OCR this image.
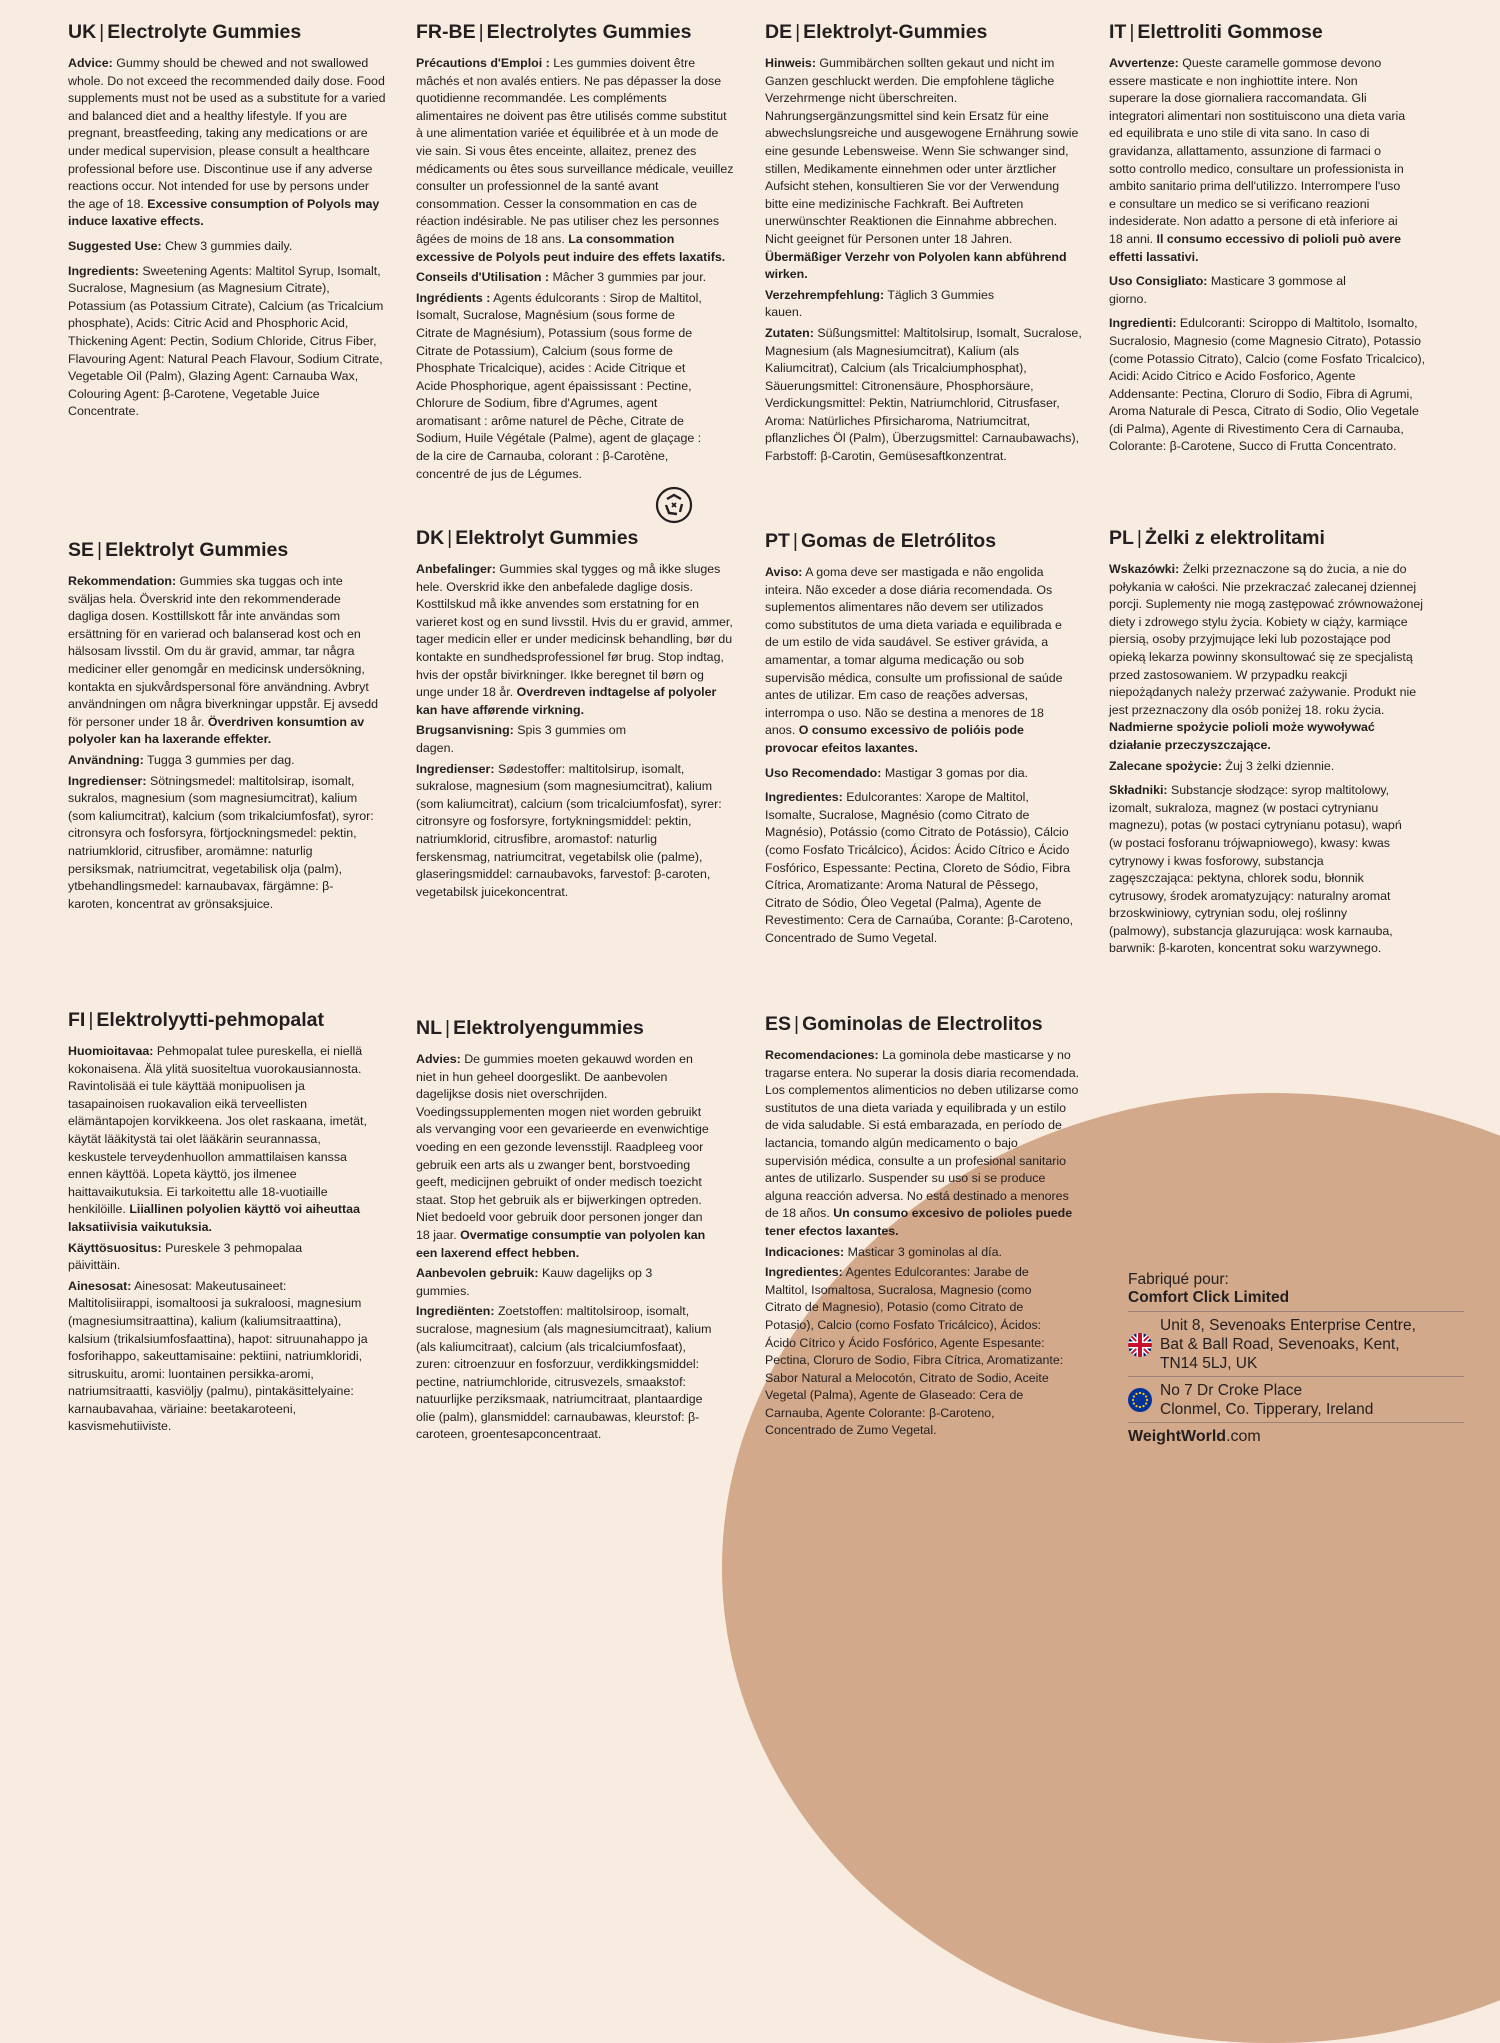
UK | Electrolyte Gummies

Advice: Gummy should be chewed and not swallowed whole. Do not exceed the recommended daily dose. Food supplements must not be used as a substitute for a varied and balanced diet and a healthy lifestyle. If you are pregnant, breastfeeding, taking any medications or are under medical supervision, please consult a healthcare professional before use. Discontinue use if any adverse reactions occur. Not intended for use by persons under the age of 18. Excessive consumption of Polyols may induce laxative effects.

Suggested Use: Chew 3 gummies daily.

Ingredients: Sweetening Agents: Maltitol Syrup, Isomalt, Sucralose, Magnesium (as Magnesium Citrate), Potassium (as Potassium Citrate), Calcium (as Tricalcium phosphate), Acids: Citric Acid and Phosphoric Acid, Thickening Agent: Pectin, Sodium Chloride, Citrus Fiber, Flavouring Agent: Natural Peach Flavour, Sodium Citrate, Vegetable Oil (Palm), Glazing Agent: Carnauba Wax, Colouring Agent: β-Carotene, Vegetable Juice Concentrate.

FR-BE | Electrolytes Gummies

Précautions d'Emploi : Les gummies doivent être mâchés et non avalés entiers. Ne pas dépasser la dose quotidienne recommandée. Les compléments alimentaires ne doivent pas être utilisés comme substitut à une alimentation variée et équilibrée et à un mode de vie sain. Si vous êtes enceinte, allaitez, prenez des médicaments ou êtes sous surveillance médicale, veuillez consulter un professionnel de la santé avant consommation. Cesser la consommation en cas de réaction indésirable. Ne pas utiliser chez les personnes âgées de moins de 18 ans. La consommation excessive de Polyols peut induire des effets laxatifs.

Conseils d'Utilisation : Mâcher 3 gummies par jour.

Ingrédients : Agents édulcorants : Sirop de Maltitol, Isomalt, Sucralose, Magnésium (sous forme de Citrate de Magnésium), Potassium (sous forme de Citrate de Potassium), Calcium (sous forme de Phosphate Tricalcique), acides : Acide Citrique et Acide Phosphorique, agent épaississant : Pectine, Chlorure de Sodium, fibre d'Agrumes, agent aromatisant : arôme naturel de Pêche, Citrate de Sodium, Huile Végétale (Palme), agent de glaçage : de la cire de Carnauba, colorant : β-Carotène, concentré de jus de Légumes.

DE | Elektrolyt-Gummies

Hinweis: Gummibärchen sollten gekaut und nicht im Ganzen geschluckt werden. Die empfohlene tägliche Verzehrmenge nicht überschreiten. Nahrungsergänzungsmittel sind kein Ersatz für eine abwechslungsreiche und ausgewogene Ernährung sowie eine gesunde Lebensweise. Wenn Sie schwanger sind, stillen, Medikamente einnehmen oder unter ärztlicher Aufsicht stehen, konsultieren Sie vor der Verwendung bitte eine medizinische Fachkraft. Bei Auftreten unerwünschter Reaktionen die Einnahme abbrechen. Nicht geeignet für Personen unter 18 Jahren. Übermäßiger Verzehr von Polyolen kann abführend wirken.

Verzehrempfehlung: Täglich 3 Gummies kauen.

Zutaten: Süßungsmittel: Maltitolsirup, Isomalt, Sucralose, Magnesium (als Magnesiumcitrat), Kalium (als Kaliumcitrat), Calcium (als Tricalciumphosphat), Säuerungsmittel: Citronensäure, Phosphorsäure, Verdickungsmittel: Pektin, Natriumchlorid, Citrusfaser, Aroma: Natürliches Pfirsicharoma, Natriumcitrat, pflanzliches Öl (Palm), Überzugsmittel: Carnaubawachs), Farbstoff: β-Carotin, Gemüsesaftkonzentrat.

IT | Elettroliti Gommose

Avvertenze: Queste caramelle gommose devono essere masticate e non inghiottite intere. Non superare la dose giornaliera raccomandata. Gli integratori alimentari non sostituiscono una dieta varia ed equilibrata e uno stile di vita sano. In caso di gravidanza, allattamento, assunzione di farmaci o sotto controllo medico, consultare un professionista in ambito sanitario prima dell'utilizzo. Interrompere l'uso e consultare un medico se si verificano reazioni indesiderate. Non adatto a persone di età inferiore ai 18 anni. Il consumo eccessivo di polioli può avere effetti lassativi.

Uso Consigliato: Masticare 3 gommose al giorno.

Ingredienti: Edulcoranti: Sciroppo di Maltitolo, Isomalto, Sucralosio, Magnesio (come Magnesio Citrato), Potassio (come Potassio Citrato), Calcio (come Fosfato Tricalcico), Acidi: Acido Citrico e Acido Fosforico, Agente Addensante: Pectina, Cloruro di Sodio, Fibra di Agrumi, Aroma Naturale di Pesca, Citrato di Sodio, Olio Vegetale (di Palma), Agente di Rivestimento Cera di Carnauba, Colorante: β-Carotene, Succo di Frutta Concentrato.

SE | Elektrolyt Gummies

Rekommendation: Gummies ska tuggas och inte sväljas hela. Överskrid inte den rekommenderade dagliga dosen. Kosttillskott får inte användas som ersättning för en varierad och balanserad kost och en hälsosam livsstil. Om du är gravid, ammar, tar några mediciner eller genomgår en medicinsk undersökning, kontakta en sjukvårdspersonal före användning. Avbryt användningen om några biverkningar uppstår. Ej avsedd för personer under 18 år. Överdriven konsumtion av polyoler kan ha laxerande effekter.

Användning: Tugga 3 gummies per dag.

Ingredienser: Sötningsmedel: maltitolsirap, isomalt, sukralos, magnesium (som magnesiumcitrat), kalium (som kaliumcitrat), kalcium (som trikalciumfosfat), syror: citronsyra och fosforsyra, förtjockningsmedel: pektin, natriumklorid, citrusfiber, aromämne: naturlig persiksmak, natriumcitrat, vegetabilisk olja (palm), ytbehandlingsmedel: karnaubavax, färgämne: β-karoten, koncentrat av grönsaksjuice.

DK | Elektrolyt Gummies

Anbefalinger: Gummies skal tygges og må ikke sluges hele. Overskrid ikke den anbefalede daglige dosis. Kosttilskud må ikke anvendes som erstatning for en varieret kost og en sund livsstil. Hvis du er gravid, ammer, tager medicin eller er under medicinsk behandling, bør du kontakte en sundhedsprofessionel før brug. Stop indtag, hvis der opstår bivirkninger. Ikke beregnet til børn og unge under 18 år. Overdreven indtagelse af polyoler kan have afførende virkning.

Brugsanvisning: Spis 3 gummies om dagen.

Ingredienser: Sødestoffer: maltitolsirup, isomalt, sukralose, magnesium (som magnesiumcitrat), kalium (som kaliumcitrat), calcium (som tricalciumfosfat), syrer: citronsyre og fosforsyre, fortykningsmiddel: pektin, natriumklorid, citrusfibre, aromastof: naturlig ferskensmag, natriumcitrat, vegetabilsk olie (palme), glaseringsmiddel: carnaubavoks, farvestof: β-caroten, vegetabilsk juicekoncentrat.

PT | Gomas de Eletrólitos

Aviso: A goma deve ser mastigada e não engolida inteira. Não exceder a dose diária recomendada. Os suplementos alimentares não devem ser utilizados como substitutos de uma dieta variada e equilibrada e de um estilo de vida saudável. Se estiver grávida, a amamentar, a tomar alguma medicação ou sob supervisão médica, consulte um profissional de saúde antes de utilizar. Em caso de reações adversas, interrompa o uso. Não se destina a menores de 18 anos. O consumo excessivo de polióis pode provocar efeitos laxantes.

Uso Recomendado: Mastigar 3 gomas por dia.

Ingredientes: Edulcorantes: Xarope de Maltitol, Isomalte, Sucralose, Magnésio (como Citrato de Magnésio), Potássio (como Citrato de Potássio), Cálcio (como Fosfato Tricálcico), Ácidos: Ácido Cítrico e Ácido Fosfórico, Espessante: Pectina, Cloreto de Sódio, Fibra Cítrica, Aromatizante: Aroma Natural de Pêssego, Citrato de Sódio, Óleo Vegetal (Palma), Agente de Revestimento: Cera de Carnaúba, Corante: β-Caroteno, Concentrado de Sumo Vegetal.

PL | Żelki z elektrolitami

Wskazówki: Żelki przeznaczone są do żucia, a nie do połykania w całości. Nie przekraczać zalecanej dziennej porcji. Suplementy nie mogą zastępować zrównoważonej diety i zdrowego stylu życia. Kobiety w ciąży, karmiące piersią, osoby przyjmujące leki lub pozostające pod opieką lekarza powinny skonsultować się ze specjalistą przed zastosowaniem. W przypadku reakcji niepożądanych należy przerwać zażywanie. Produkt nie jest przeznaczony dla osób poniżej 18. roku życia. Nadmierne spożycie polioli może wywoływać działanie przeczyszczające.

Zalecane spożycie: Żuj 3 żelki dziennie.

Składniki: Substancje słodzące: syrop maltitolowy, izomalt, sukraloza, magnez (w postaci cytrynianu magnezu), potas (w postaci cytrynianu potasu), wapń (w postaci fosforanu trójwapniowego), kwasy: kwas cytrynowy i kwas fosforowy, substancja zagęszczająca: pektyna, chlorek sodu, błonnik cytrusowy, środek aromatyzujący: naturalny aromat brzoskwiniowy, cytrynian sodu, olej roślinny (palmowy), substancja glazurująca: wosk karnauba, barwnik: β-karoten, koncentrat soku warzywnego.

FI | Elektrolyytti-pehmopalat

Huomioitavaa: Pehmopalat tulee pureskella, ei niellä kokonaisena. Älä ylitä suositeltua vuorokausiannosta. Ravintolisää ei tule käyttää monipuolisen ja tasapainoisen ruokavalion eikä terveellisten elämäntapojen korvikkeena. Jos olet raskaana, imetät, käytät lääkitystä tai olet lääkärin seurannassa, keskustele terveydenhuollon ammattilaisen kanssa ennen käyttöä. Lopeta käyttö, jos ilmenee haittavaikutuksia. Ei tarkoitettu alle 18-vuotiaille henkilöille. Liiallinen polyolien käyttö voi aiheuttaa laksatiivisia vaikutuksia.

Käyttösuositus: Pureskele 3 pehmopalaa päivittäin.

Ainesosat: Ainesosat: Makeutusaineet: Maltitolisiirappi, isomaltoosi ja sukraloosi, magnesium (magnesiumsitraattina), kalium (kaliumsitraattina), kalsium (trikalsiumfosfaattina), hapot: sitruunahappo ja fosforihappo, sakeuttamisaine: pektiini, natriumkloridi, sitruskuitu, aromi: luontainen persikka-aromi, natriumsitraatti, kasviöljy (palmu), pintakäsittelyaine: karnaubavahaa, väriaine: beetakaroteeni, kasvismehutiiviste.

NL | Elektrolyengummies

Advies: De gummies moeten gekauwd worden en niet in hun geheel doorgeslikt. De aanbevolen dagelijkse dosis niet overschrijden. Voedingssupplementen mogen niet worden gebruikt als vervanging voor een gevarieerde en evenwichtige voeding en een gezonde levensstijl. Raadpleeg voor gebruik een arts als u zwanger bent, borstvoeding geeft, medicijnen gebruikt of onder medisch toezicht staat. Stop het gebruik als er bijwerkingen optreden. Niet bedoeld voor gebruik door personen jonger dan 18 jaar. Overmatige consumptie van polyolen kan een laxerend effect hebben.

Aanbevolen gebruik: Kauw dagelijks op 3 gummies.

Ingrediënten: Zoetstoffen: maltitolsiroop, isomalt, sucralose, magnesium (als magnesiumcitraat), kalium (als kaliumcitraat), calcium (als tricalciumfosfaat), zuren: citroenzuur en fosforzuur, verdikkingsmiddel: pectine, natriumchloride, citrusvezels, smaakstof: natuurlijke perziksmaak, natriumcitraat, plantaardige olie (palm), glansmiddel: carnaubawas, kleurstof: β-caroteen, groentesapconcentraat.

ES | Gominolas de Electrolitos

Recomendaciones: La gominola debe masticarse y no tragarse entera. No superar la dosis diaria recomendada. Los complementos alimenticios no deben utilizarse como sustitutos de una dieta variada y equilibrada y un estilo de vida saludable. Si está embarazada, en período de lactancia, tomando algún medicamento o bajo supervisión médica, consulte a un profesional sanitario antes de utilizarlo. Suspender su uso si se produce alguna reacción adversa. No está destinado a menores de 18 años. Un consumo excesivo de polioles puede tener efectos laxantes.

Indicaciones: Masticar 3 gominolas al día.

Ingredientes: Agentes Edulcorantes: Jarabe de Maltitol, Isomaltosa, Sucralosa, Magnesio (como Citrato de Magnesio), Potasio (como Citrato de Potasio), Calcio (como Fosfato Tricálcico), Ácidos: Ácido Cítrico y Ácido Fosfórico, Agente Espesante: Pectina, Cloruro de Sodio, Fibra Cítrica, Aromatizante: Sabor Natural a Melocotón, Citrato de Sodio, Aceite Vegetal (Palma), Agente de Glaseado: Cera de Carnauba, Agente Colorante: β-Caroteno, Concentrado de Zumo Vegetal.

Fabriqué pour:
Comfort Click Limited
Unit 8, Sevenoaks Enterprise Centre,
Bat & Ball Road, Sevenoaks, Kent,
TN14 5LJ, UK
No 7 Dr Croke Place
Clonmel, Co. Tipperary, Ireland
WeightWorld.com
